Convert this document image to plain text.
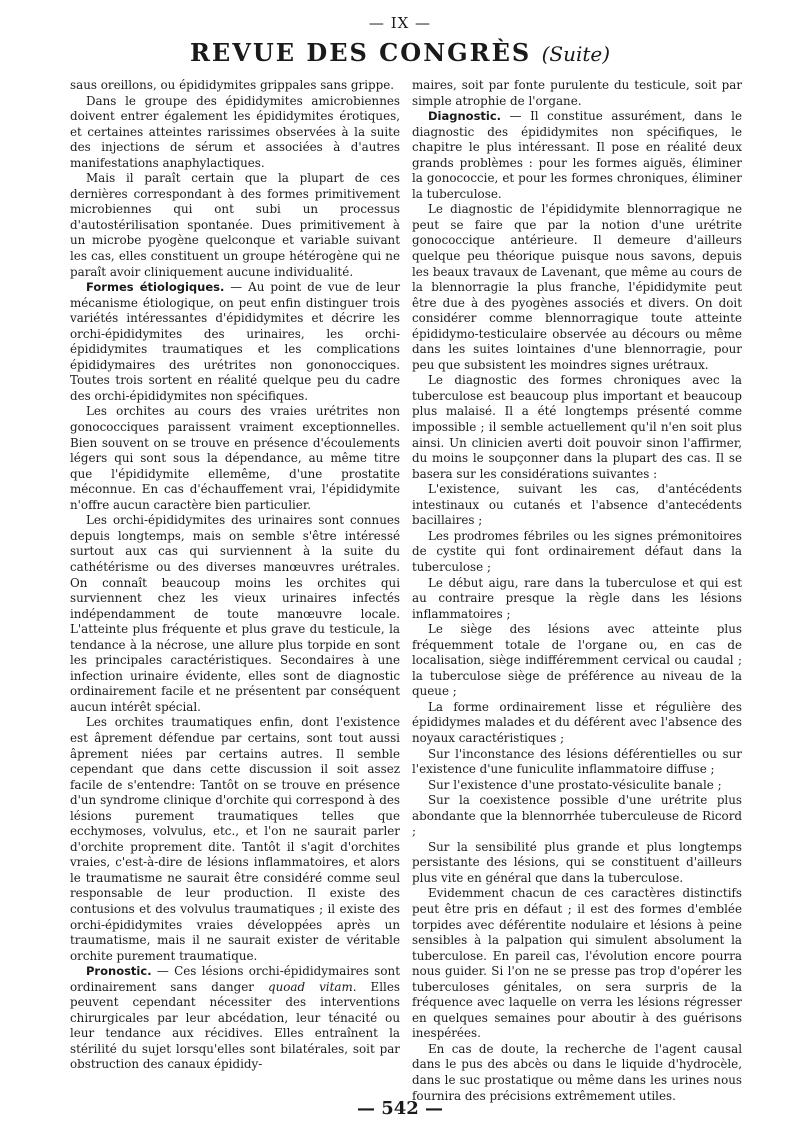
— IX —
REVUE DES CONGRÈS (Suite)

saus oreillons, ou épididymites grippales sans grippe.

Dans le groupe des épididymites amicrobiennes doivent entrer également les épididymites érotiques, et certaines atteintes rarissimes observées à la suite des injections de sérum et associées à d'autres manifestations anaphylactiques.

Mais il paraît certain que la plupart de ces dernières correspondant à des formes primitivement microbiennes qui ont subi un processus d'autostérilisation spontanée. Dues primitivement à un microbe pyogène quelconque et variable suivant les cas, elles constituent un groupe hétérogène qui ne paraît avoir cliniquement aucune individualité.

Formes étiologiques. — Au point de vue de leur mécanisme étiologique, on peut enfin distinguer trois variétés intéressantes d'épididymites et décrire les orchi-épididymites des urinaires, les orchi-épididymites traumatiques et les complications épididymaires des urétrites non gononocciques. Toutes trois sortent en réalité quelque peu du cadre des orchi-épididymites non spécifiques.

Les orchites au cours des vraies urétrites non gonococciques paraissent vraiment exceptionnelles. Bien souvent on se trouve en présence d'écoulements légers qui sont sous la dépendance, au même titre que l'épididymite ellemême, d'une prostatite méconnue. En cas d'échauffement vrai, l'épididymite n'offre aucun caractère bien particulier.

Les orchi-épididymites des urinaires sont connues depuis longtemps, mais on semble s'être intéressé surtout aux cas qui surviennent à la suite du cathétérisme ou des diverses manœuvres urétrales. On connaît beaucoup moins les orchites qui surviennent chez les vieux urinaires infectés indépendamment de toute manœuvre locale. L'atteinte plus fréquente et plus grave du testicule, la tendance à la nécrose, une allure plus torpide en sont les principales caractéristiques. Secondaires à une infection urinaire évidente, elles sont de diagnostic ordinairement facile et ne présentent par conséquent aucun intérêt spécial.

Les orchites traumatiques enfin, dont l'existence est âprement défendue par certains, sont tout aussi âprement niées par certains autres. Il semble cependant que dans cette discussion il soit assez facile de s'entendre: Tantôt on se trouve en présence d'un syndrome clinique d'orchite qui correspond à des lésions purement traumatiques telles que ecchymoses, volvulus, etc., et l'on ne saurait parler d'orchite proprement dite. Tantôt il s'agit d'orchites vraies, c'est-à-dire de lésions inflammatoires, et alors le traumatisme ne saurait être considéré comme seul responsable de leur production. Il existe des contusions et des volvulus traumatiques ; il existe des orchi-épididymites vraies développées après un traumatisme, mais il ne saurait exister de véritable orchite purement traumatique.

Pronostic. — Ces lésions orchi-épididymaires sont ordinairement sans danger quoad vitam. Elles peuvent cependant nécessiter des interventions chirurgicales par leur abcédation, leur ténacité ou leur tendance aux récidives. Elles entraînent la stérilité du sujet lorsqu'elles sont bilatérales, soit par obstruction des canaux épididy-

maires, soit par fonte purulente du testicule, soit par simple atrophie de l'organe.

Diagnostic. — Il constitue assurément, dans le diagnostic des épididymites non spécifiques, le chapitre le plus intéressant. Il pose en réalité deux grands problèmes : pour les formes aiguës, éliminer la gonococcie, et pour les formes chroniques, éliminer la tuberculose.

Le diagnostic de l'épididymite blennorragique ne peut se faire que par la notion d'une urétrite gonococcique antérieure. Il demeure d'ailleurs quelque peu théorique puisque nous savons, depuis les beaux travaux de Lavenant, que même au cours de la blennorragie la plus franche, l'épididymite peut être due à des pyogènes associés et divers. On doit considérer comme blennorragique toute atteinte épididymo-testiculaire observée au décours ou même dans les suites lointaines d'une blennorragie, pour peu que subsistent les moindres signes urétraux.

Le diagnostic des formes chroniques avec la tuberculose est beaucoup plus important et beaucoup plus malaisé. Il a été longtemps présenté comme impossible ; il semble actuellement qu'il n'en soit plus ainsi. Un clinicien averti doit pouvoir sinon l'affirmer, du moins le soupçonner dans la plupart des cas. Il se basera sur les considérations suivantes :

L'existence, suivant les cas, d'antécédents intestinaux ou cutanés et l'absence d'antecédents bacillaires ;

Les prodromes fébriles ou les signes prémonitoires de cystite qui font ordinairement défaut dans la tuberculose ;

Le début aigu, rare dans la tuberculose et qui est au contraire presque la règle dans les lésions inflammatoires ;

Le siège des lésions avec atteinte plus fréquemment totale de l'organe ou, en cas de localisation, siège indifféremment cervical ou caudal ; la tuberculose siège de préférence au niveau de la queue ;

La forme ordinairement lisse et régulière des épididymes malades et du déférent avec l'absence des noyaux caractéristiques ;

Sur l'inconstance des lésions déférentielles ou sur l'existence d'une funiculite inflammatoire diffuse ;

Sur l'existence d'une prostato-vésiculite banale ;

Sur la coexistence possible d'une urétrite plus abondante que la blennorrhée tuberculeuse de Ricord ;

Sur la sensibilité plus grande et plus longtemps persistante des lésions, qui se constituent d'ailleurs plus vite en général que dans la tuberculose.

Evidemment chacun de ces caractères distinctifs peut être pris en défaut ; il est des formes d'emblée torpides avec déférentite nodulaire et lésions à peine sensibles à la palpation qui simulent absolument la tuberculose. En pareil cas, l'évolution encore pourra nous guider. Si l'on ne se presse pas trop d'opérer les tuberculoses génitales, on sera surpris de la fréquence avec laquelle on verra les lésions régresser en quelques semaines pour aboutir à des guérisons inespérées.

En cas de doute, la recherche de l'agent causal dans le pus des abcès ou dans le liquide d'hydrocèle, dans le suc prostatique ou même dans les urines nous fournira des précisions extrêmement utiles.

— 542 —
